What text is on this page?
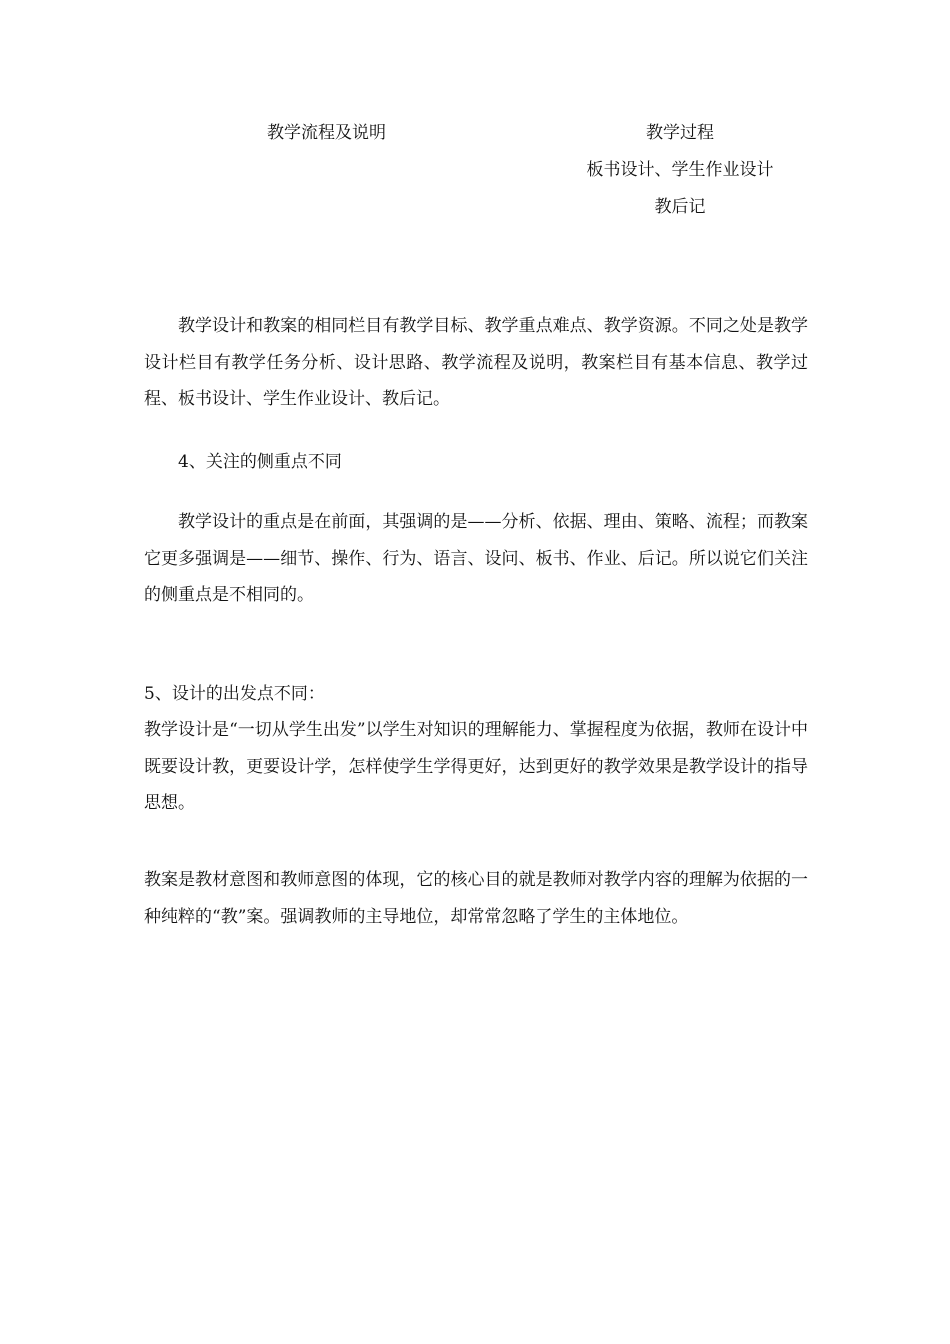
教学流程及说明	教学过程
板书设计、学生作业设计
教后记

教学设计和教案的相同栏目有教学目标、教学重点难点、教学资源。不同之处是教学设计栏目有教学任务分析、设计思路、教学流程及说明，教案栏目有基本信息、教学过程、板书设计、学生作业设计、教后记。

4、关注的侧重点不同

教学设计的重点是在前面，其强调的是——分析、依据、理由、策略、流程；而教案它更多强调是——细节、操作、行为、语言、设问、板书、作业、后记。所以说它们关注的侧重点是不相同的。

5、设计的出发点不同：

教学设计是“一切从学生出发”以学生对知识的理解能力、掌握程度为依据，教师在设计中既要设计教，更要设计学，怎样使学生学得更好，达到更好的教学效果是教学设计的指导思想。

教案是教材意图和教师意图的体现，它的核心目的就是教师对教学内容的理解为依据的一种纯粹的“教”案。强调教师的主导地位，却常常忽略了学生的主体地位。
